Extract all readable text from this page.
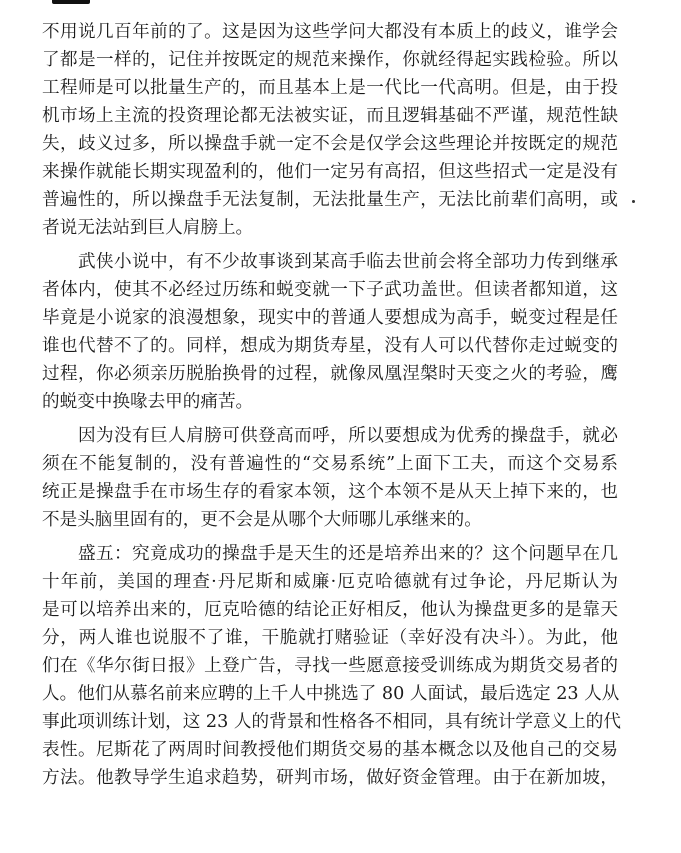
不用说几百年前的了。这是因为这些学问大都没有本质上的歧义，谁学会
了都是一样的，记住并按既定的规范来操作，你就经得起实践检验。所以
工程师是可以批量生产的，而且基本上是一代比一代高明。但是，由于投
机市场上主流的投资理论都无法被实证，而且逻辑基础不严谨，规范性缺
失，歧义过多，所以操盘手就一定不会是仅学会这些理论并按既定的规范
来操作就能长期实现盈利的，他们一定另有高招，但这些招式一定是没有
普遍性的，所以操盘手无法复制，无法批量生产，无法比前辈们高明，或
者说无法站到巨人肩膀上。
武侠小说中，有不少故事谈到某高手临去世前会将全部功力传到继承
者体内，使其不必经过历练和蜕变就一下子武功盖世。但读者都知道，这
毕竟是小说家的浪漫想象，现实中的普通人要想成为高手，蜕变过程是任
谁也代替不了的。同样，想成为期货寿星，没有人可以代替你走过蜕变的
过程，你必须亲历脱胎换骨的过程，就像凤凰涅槃时天变之火的考验，鹰
的蜕变中换喙去甲的痛苦。
因为没有巨人肩膀可供登高而呼，所以要想成为优秀的操盘手，就必
须在不能复制的，没有普遍性的“交易系统”上面下工夫，而这个交易系
统正是操盘手在市场生存的看家本领，这个本领不是从天上掉下来的，也
不是头脑里固有的，更不会是从哪个大师哪儿承继来的。
盛五：究竟成功的操盘手是天生的还是培养出来的？这个问题早在几
十年前，美国的理查·丹尼斯和威廉·厄克哈德就有过争论，丹尼斯认为
是可以培养出来的，厄克哈德的结论正好相反，他认为操盘更多的是靠天
分，两人谁也说服不了谁，干脆就打赌验证（幸好没有决斗）。为此，他
们在《华尔街日报》上登广告，寻找一些愿意接受训练成为期货交易者的
人。他们从慕名前来应聘的上千人中挑选了 80 人面试，最后选定 23 人从
事此项训练计划，这 23 人的背景和性格各不相同，具有统计学意义上的代
表性。尼斯花了两周时间教授他们期货交易的基本概念以及他自己的交易
方法。他教导学生追求趋势，研判市场，做好资金管理。由于在新加坡，
